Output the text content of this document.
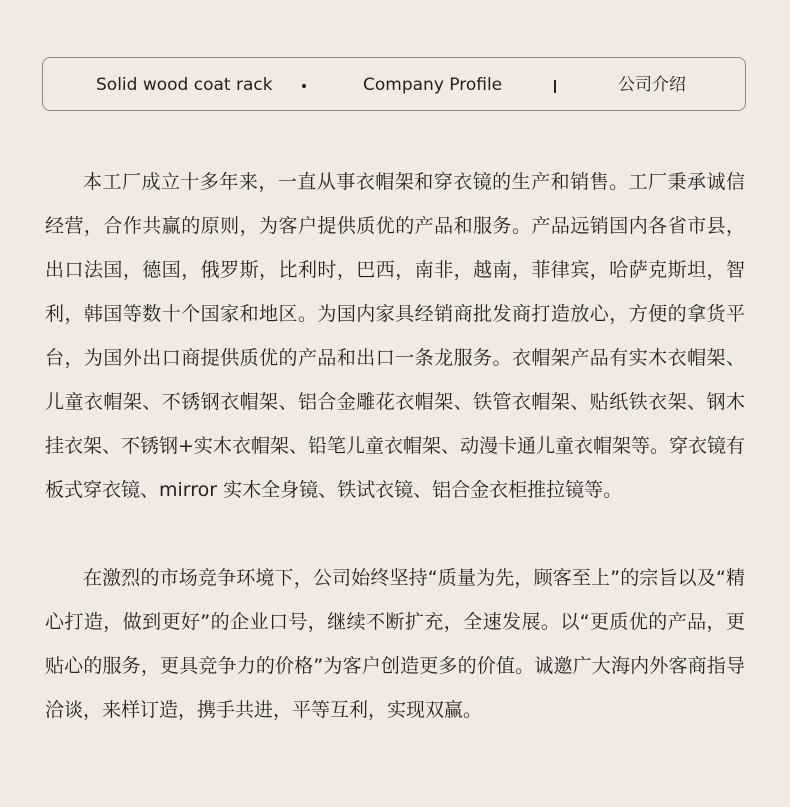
Solid wood coat rack	Company Profile	公司介绍

本工厂成立十多年来，一直从事衣帽架和穿衣镜的生产和销售。工厂秉承诚信经营，合作共赢的原则，为客户提供质优的产品和服务。产品远销国内各省市县，出口法国，德国，俄罗斯，比利时，巴西，南非，越南，菲律宾，哈萨克斯坦，智利，韩国等数十个国家和地区。为国内家具经销商批发商打造放心，方便的拿货平台，为国外出口商提供质优的产品和出口一条龙服务。衣帽架产品有实木衣帽架、儿童衣帽架、不锈钢衣帽架、铝合金雕花衣帽架、铁管衣帽架、贴纸铁衣架、钢木挂衣架、不锈钢+实木衣帽架、铅笔儿童衣帽架、动漫卡通儿童衣帽架等。穿衣镜有板式穿衣镜、mirror 实木全身镜、铁试衣镜、铝合金衣柜推拉镜等。

在激烈的市场竞争环境下，公司始终坚持“质量为先，顾客至上”的宗旨以及“精心打造，做到更好”的企业口号，继续不断扩充，全速发展。以“更质优的产品，更贴心的服务，更具竞争力的价格”为客户创造更多的价值。诚邀广大海内外客商指导洽谈，来样订造，携手共进，平等互利，实现双赢。
